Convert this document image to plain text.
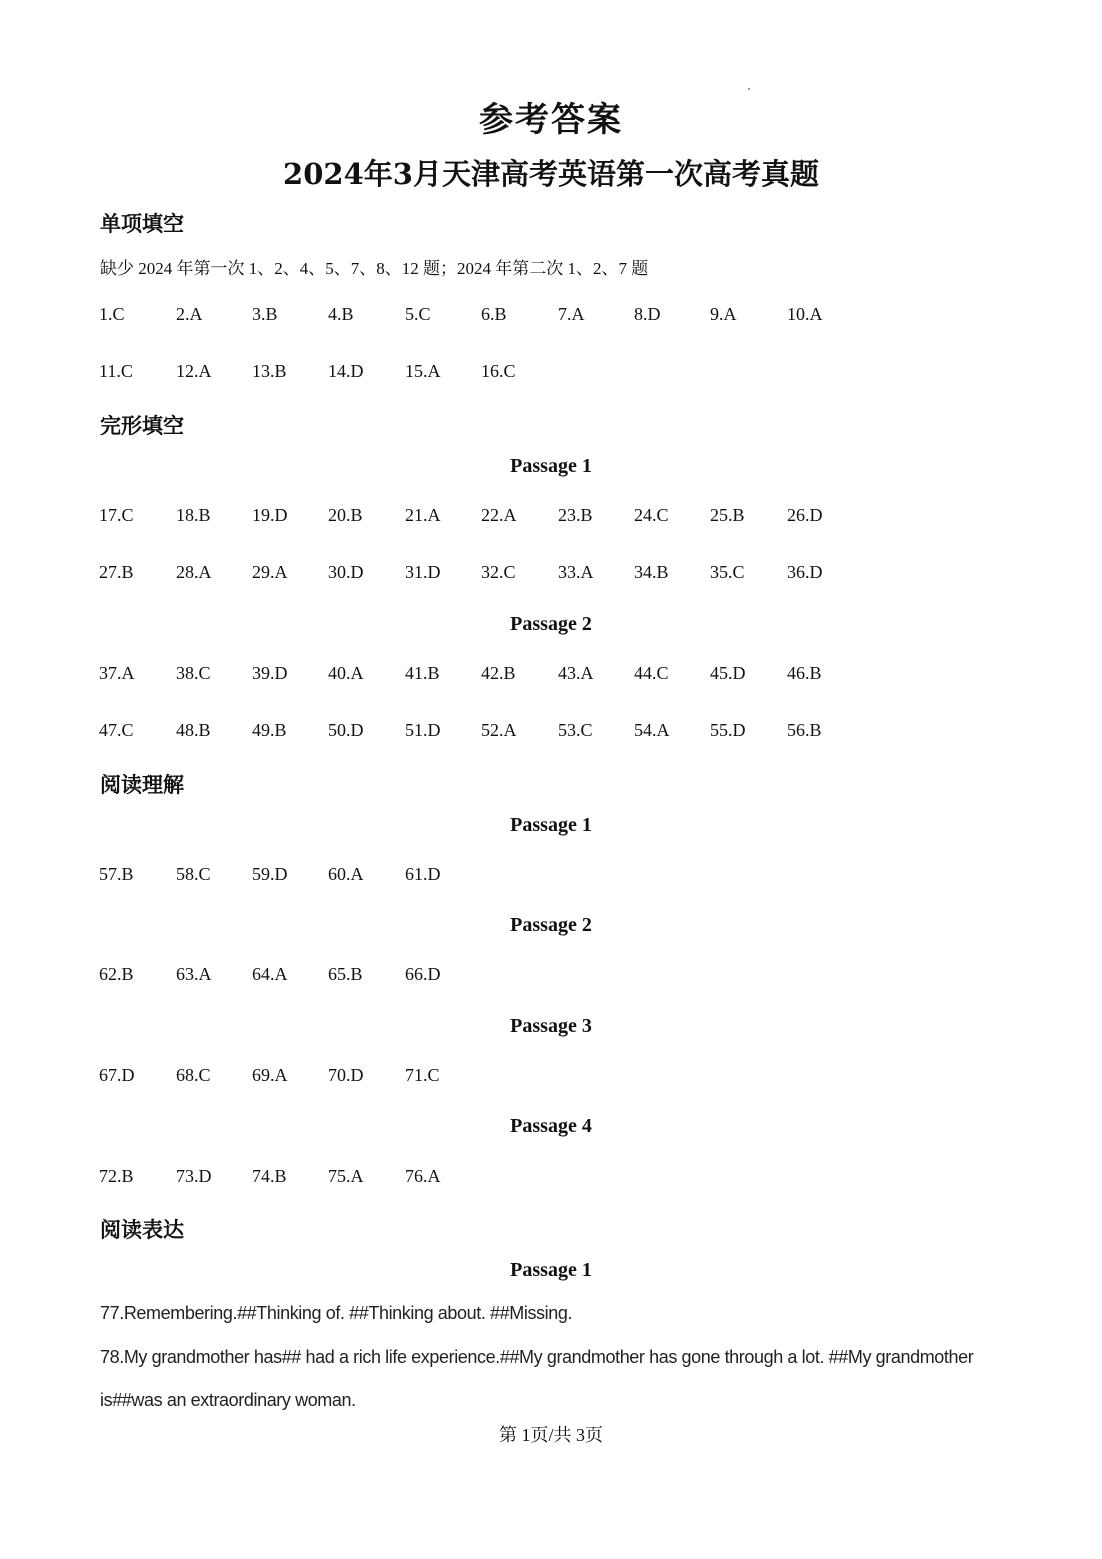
参考答案
2024年3月天津高考英语第一次高考真题
单项填空
缺少 2024 年第一次 1、2、4、5、7、8、12 题；2024 年第二次 1、2、7 题
1.C	2.A	3.B	4.B	5.C	6.B	7.A	8.D	9.A	10.A
11.C 12.A 13.B 14.D 15.A 16.C
完形填空
Passage 1
17.C 18.B 19.D 20.B 21.A 22.A 23.B 24.C 25.B 26.D
27.B 28.A 29.A 30.D 31.D 32.C 33.A 34.B 35.C 36.D
Passage 2
37.A 38.C 39.D 40.A 41.B 42.B 43.A 44.C 45.D 46.B
47.C 48.B 49.B 50.D 51.D 52.A 53.C 54.A 55.D 56.B
阅读理解
Passage 1
57.B 58.C 59.D 60.A 61.D
Passage 2
62.B 63.A 64.A 65.B 66.D
Passage 3
67.D 68.C 69.A 70.D 71.C
Passage 4
72.B 73.D 74.B 75.A 76.A
阅读表达
Passage 1
77.Remembering.##Thinking of. ##Thinking about. ##Missing.
78.My grandmother has## had a rich life experience.##My grandmother has gone through a lot. ##My grandmother
is##was an extraordinary woman.
第 1页/共 3页
